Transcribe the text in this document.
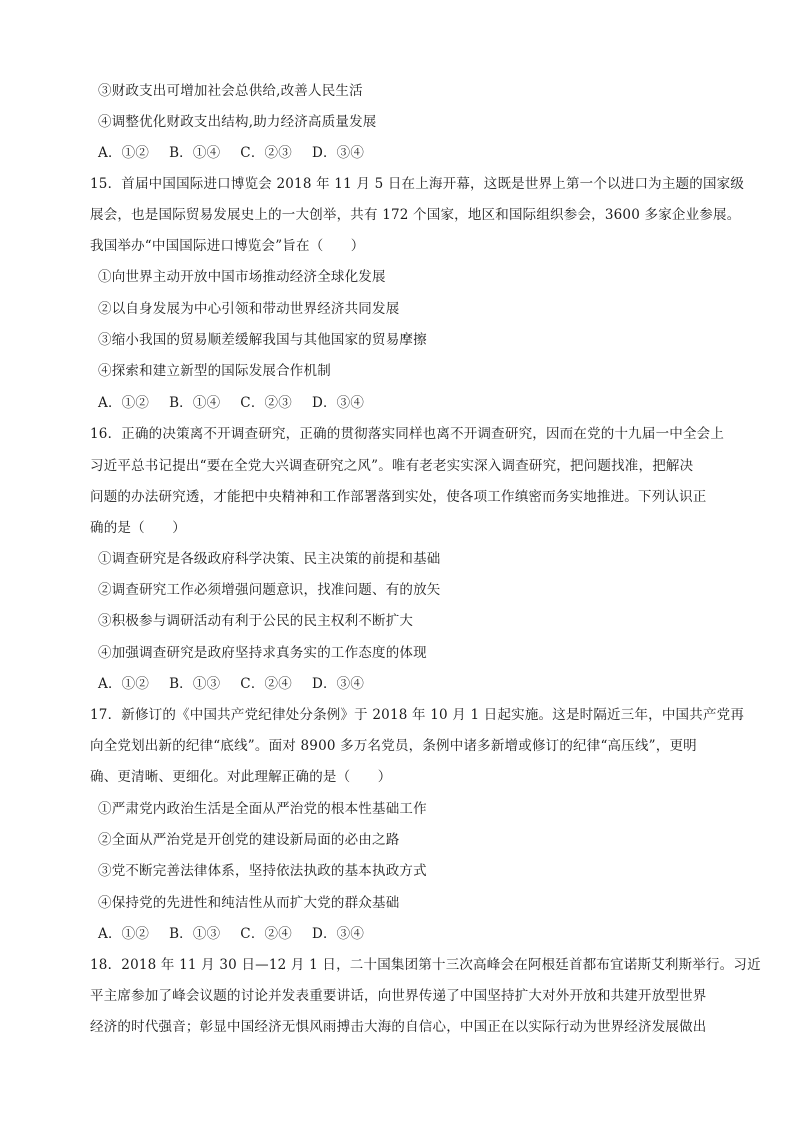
③财政支出可增加社会总供给,改善人民生活
④调整优化财政支出结构,助力经济高质量发展
A．①② B．①④ C．②③ D．③④
15．首届中国国际进口博览会 2018 年 11 月 5 日在上海开幕，这既是世界上第一个以进口为主题的国家级
展会，也是国际贸易发展史上的一大创举，共有 172 个国家，地区和国际组织参会，3600 多家企业参展。
我国举办“中国国际进口博览会”旨在（　　）
①向世界主动开放中国市场推动经济全球化发展
②以自身发展为中心引领和带动世界经济共同发展
③缩小我国的贸易顺差缓解我国与其他国家的贸易摩擦
④探索和建立新型的国际发展合作机制
A．①② B．①④ C．②③ D．③④
16．正确的决策离不开调查研究，正确的贯彻落实同样也离不开调查研究，因而在党的十九届一中全会上
习近平总书记提出“要在全党大兴调查研究之风”。唯有老老实实深入调查研究，把问题找准，把解决
问题的办法研究透，才能把中央精神和工作部署落到实处，使各项工作缜密而务实地推进。下列认识正
确的是（　　）
①调查研究是各级政府科学决策、民主决策的前提和基础
②调查研究工作必须增强问题意识，找准问题、有的放矢
③积极参与调研活动有利于公民的民主权利不断扩大
④加强调查研究是政府坚持求真务实的工作态度的体现
A．①② B．①③ C．②④ D．③④
17．新修订的《中国共产党纪律处分条例》于 2018 年 10 月 1 日起实施。这是时隔近三年，中国共产党再
向全党划出新的纪律“底线”。面对 8900 多万名党员，条例中诸多新增或修订的纪律“高压线”，更明
确、更清晰、更细化。对此理解正确的是（　　）
①严肃党内政治生活是全面从严治党的根本性基础工作
②全面从严治党是开创党的建设新局面的必由之路
③党不断完善法律体系，坚持依法执政的基本执政方式
④保持党的先进性和纯洁性从而扩大党的群众基础
A．①② B．①③ C．②④ D．③④
18．2018 年 11 月 30 日—12 月 1 日，二十国集团第十三次高峰会在阿根廷首都布宜诺斯艾利斯举行。习近
平主席参加了峰会议题的讨论并发表重要讲话，向世界传递了中国坚持扩大对外开放和共建开放型世界
经济的时代强音；彰显中国经济无惧风雨搏击大海的自信心，中国正在以实际行动为世界经济发展做出
